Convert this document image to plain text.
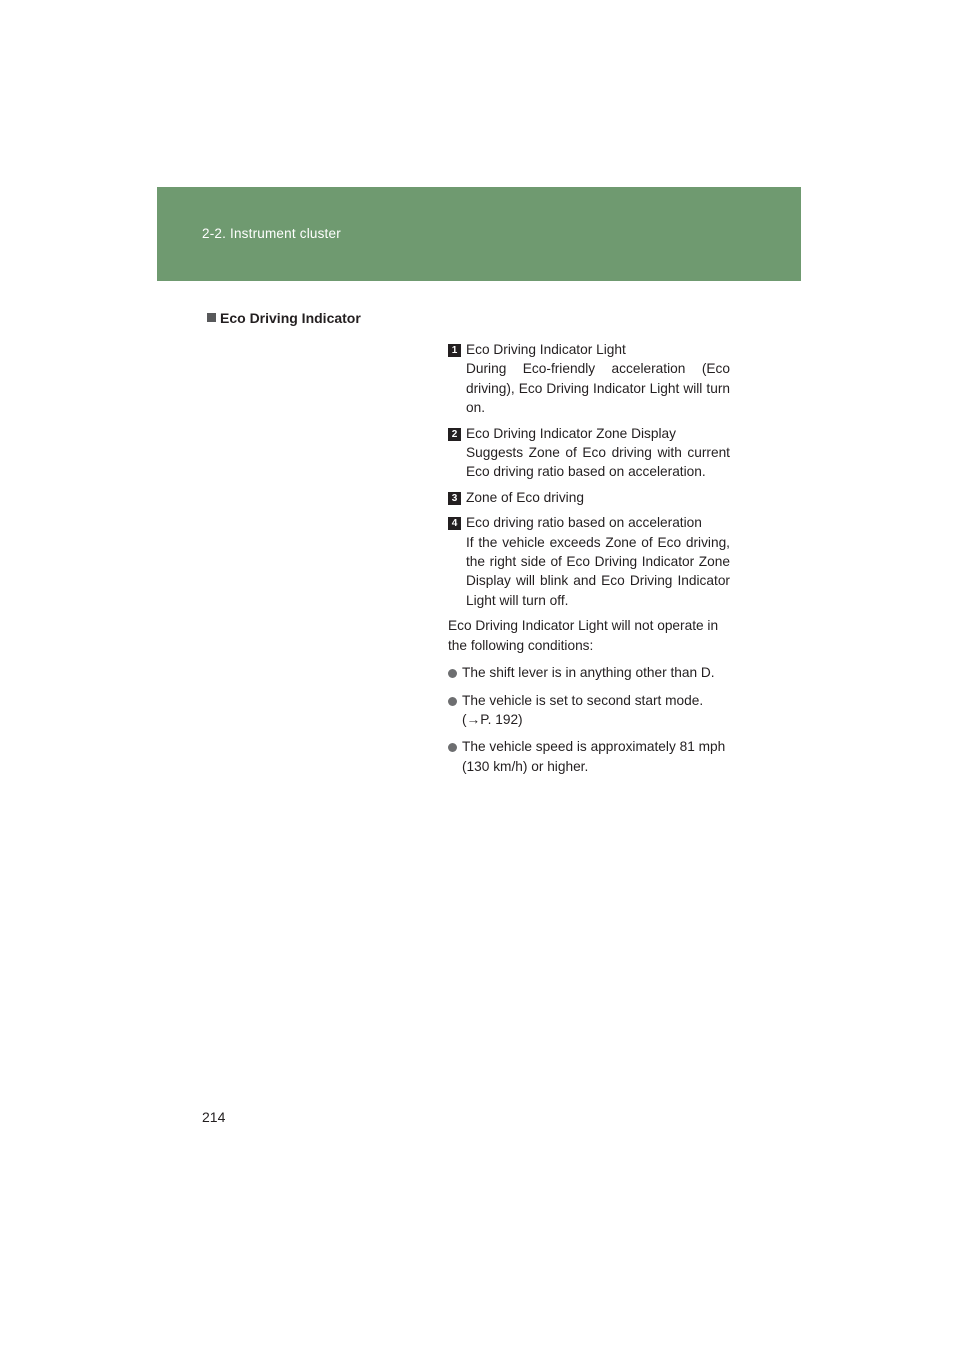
2-2. Instrument cluster
Eco Driving Indicator
1 Eco Driving Indicator Light
During Eco-friendly acceleration (Eco driving), Eco Driving Indicator Light will turn on.
2 Eco Driving Indicator Zone Display
Suggests Zone of Eco driving with current Eco driving ratio based on acceleration.
3 Zone of Eco driving
4 Eco driving ratio based on acceleration
If the vehicle exceeds Zone of Eco driving, the right side of Eco Driving Indicator Zone Display will blink and Eco Driving Indicator Light will turn off.

Eco Driving Indicator Light will not operate in the following conditions:

The shift lever is in anything other than D.
The vehicle is set to second start mode.
(→P. 192)
The vehicle speed is approximately 81 mph (130 km/h) or higher.
214
